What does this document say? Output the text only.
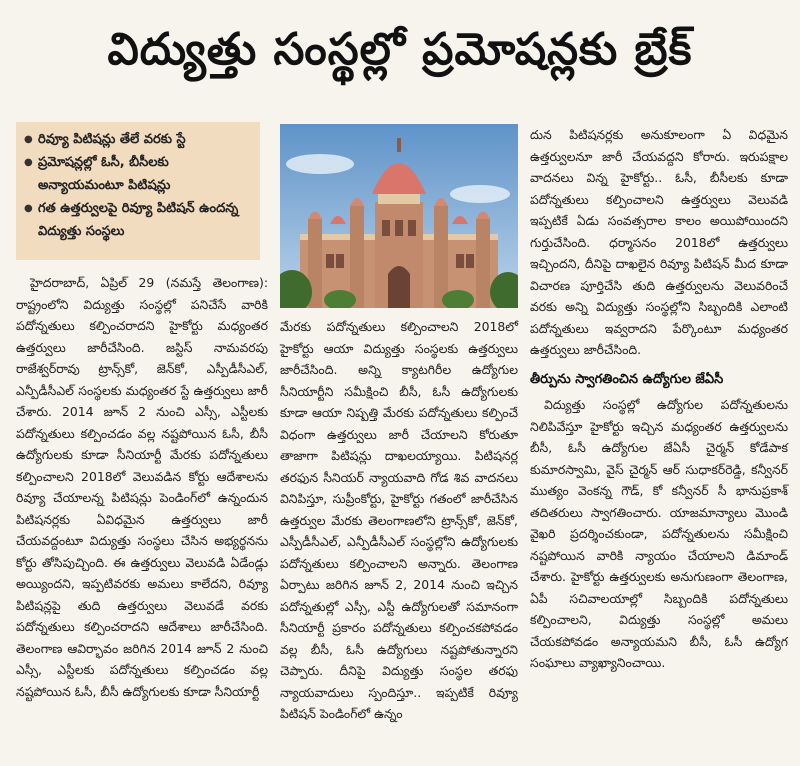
విద్యుత్తు సంస్థల్లో ప్రమోషన్లకు బ్రేక్
● రివ్యూ పిటిషన్లు తేలే వరకు స్టే
● ప్రమోషన్లల్లో ఓసీ, బీసీలకు అన్యాయమంటూ పిటిషన్లు
● గత ఉత్తర్వులపై రివ్యూ పిటిషన్ ఉందన్న విద్యుత్తు సంస్థలు

హైదరాబాద్, ఏప్రిల్ 29 (నమస్తే తెలంగాణ): రాష్ట్రంలోని విద్యుత్తు సంస్థల్లో పనిచేసే వారికి పదోన్నతులు కల్పించరాదని హైకోర్టు మధ్యంతర ఉత్తర్వులు జారీచేసింది. జస్టిస్ నామవరపు రాజేశ్వర్‌రావు ట్రాన్స్‌కో, జెన్‌కో, ఎస్పీడీసీఎల్, ఎన్పీడీసీఎల్ సంస్థలకు మధ్యంతర స్టే ఉత్తర్వులు జారీ చేశారు. 2014 జూన్ 2 నుంచి ఎస్సీ, ఎస్టీలకు పదోన్నతులు కల్పించడం వల్ల నష్టపోయిన ఓసీ, బీసీ ఉద్యోగులకు కూడా సీనియార్టీ మేరకు పదోన్నతులు కల్పించాలని 2018లో వెలువడిన కోర్టు ఆదేశాలను రివ్యూ చేయాలన్న పిటిషన్లు పెండింగ్‌లో ఉన్నందున పిటిషనర్లకు ఏవిధమైన ఉత్తర్వులు జారీ చేయవద్దంటూ విద్యుత్తు సంస్థలు చేసిన అభ్యర్థనను కోర్టు తోసిపుచ్చింది. ఈ ఉత్తర్వులు వెలువడి ఏడేండ్లు అయ్యిందని, ఇప్పటివరకు అమలు కాలేదని, రివ్యూ పిటిషన్లపై తుది ఉత్తర్వులు వెలువడే వరకు పదోన్నతులు కల్పించరాదని ఆదేశాలు జారీచేసింది. తెలంగాణ ఆవిర్భావం జరిగిన 2014 జూన్ 2 నుంచి ఎస్సీ, ఎస్టీలకు పదోన్నతులు కల్పించడం వల్ల నష్టపోయిన ఓసీ, బీసీ ఉద్యోగులకు కూడా సీనియార్టీ

మేరకు పదోన్నతులు కల్పించాలని 2018లో హైకోర్టు ఆయా విద్యుత్తు సంస్థలకు ఉత్తర్వులు జారీచేసింది. అన్ని క్యాటగిరీల ఉద్యోగుల సీనియార్టీని సమీక్షించి బీసీ, ఓసీ ఉద్యోగులకు కూడా ఆయా నిష్పత్తి మేరకు పదోన్నతులు కల్పించే విధంగా ఉత్తర్వులు జారీ చేయాలని కోరుతూ తాజాగా పిటిషన్లు దాఖలయ్యాయి. పిటిషనర్ల తరఫున సీనియర్ న్యాయవాది గోడ శివ వాదనలు వినిపిస్తూ, సుప్రీంకోర్టు, హైకోర్టు గతంలో జారీచేసిన ఉత్తర్వుల మేరకు తెలంగాణలోని ట్రాన్స్‌కో, జెన్‌కో, ఎస్పీడీసీఎల్, ఎన్పీడీసీఎల్ సంస్థల్లోని ఉద్యోగులకు పదోన్నతులు కల్పించాలని అన్నారు. తెలంగాణ ఏర్పాటు జరిగిన జూన్ 2, 2014 నుంచి ఇచ్చిన పదోన్నతుల్లో ఎస్సీ, ఎస్టీ ఉద్యోగులతో సమానంగా సీనియార్టీ ప్రకారం పదోన్నతులు కల్పించకపోవడం వల్ల బీసీ, ఓసీ ఉద్యోగులు నష్టపోతున్నారని చెప్పారు. దీనిపై విద్యుత్తు సంస్థల తరఫు న్యాయవాదులు స్పందిస్తూ.. ఇప్పటికే రివ్యూ పిటిషన్ పెండింగ్‌లో ఉన్నం

దున పిటిషనర్లకు అనుకూలంగా ఏ విధమైన ఉత్తర్వులనూ జారీ చేయవద్దని కోరారు. ఇరుపక్షాల వాదనలు విన్న హైకోర్టు.. ఓసీ, బీసీలకు కూడా పదోన్నతులు కల్పించాలని ఉత్తర్వులు వెలువడి ఇప్పటికే ఏడు సంవత్సరాల కాలం అయిపోయిందని గుర్తుచేసింది. ధర్మాసనం 2018లో ఉత్తర్వులు ఇచ్చిందని, దీనిపై దాఖలైన రివ్యూ పిటిషన్ మీద కూడా విచారణ పూర్తిచేసి తుది ఉత్తర్వులను వెలువరించే వరకు అన్ని విద్యుత్తు సంస్థల్లోని సిబ్బందికి ఎలాంటి పదోన్నతులు ఇవ్వరాదని పేర్కొంటూ మధ్యంతర ఉత్తర్వులు జారీచేసింది.

తీర్పును స్వాగతించిన ఉద్యోగుల జేఏసీ

విద్యుత్తు సంస్థల్లో ఉద్యోగుల పదోన్నతులను నిలిపివేస్తూ హైకోర్టు ఇచ్చిన మధ్యంతర ఉత్తర్వులను బీసీ, ఓసీ ఉద్యోగుల జేఏసీ చైర్మన్ కోడేపాక కుమారస్వామి, వైస్ చైర్మన్ ఆర్ సుధాకర్‌రెడ్డి, కన్వీనర్ ముత్యం వెంకన్న గౌడ్, కో కన్వీనర్ సీ భానుప్రకాశ్ తదితరులు స్వాగతించారు. యాజమాన్యాలు మొండి వైఖరి ప్రదర్శించకుండా, పదోన్నతులను సమీక్షించి నష్టపోయిన వారికి న్యాయం చేయాలని డిమాండ్ చేశారు. హైకోర్టు ఉత్తర్వులకు అనుగుణంగా తెలంగాణ, ఏపీ సచివాలయాల్లో సిబ్బందికి పదోన్నతులు కల్పించాలని, విద్యుత్తు సంస్థల్లో అమలు చేయకపోవడం అన్యాయమని బీసీ, ఓసీ ఉద్యోగ సంఘాలు వ్యాఖ్యానించాయి.
